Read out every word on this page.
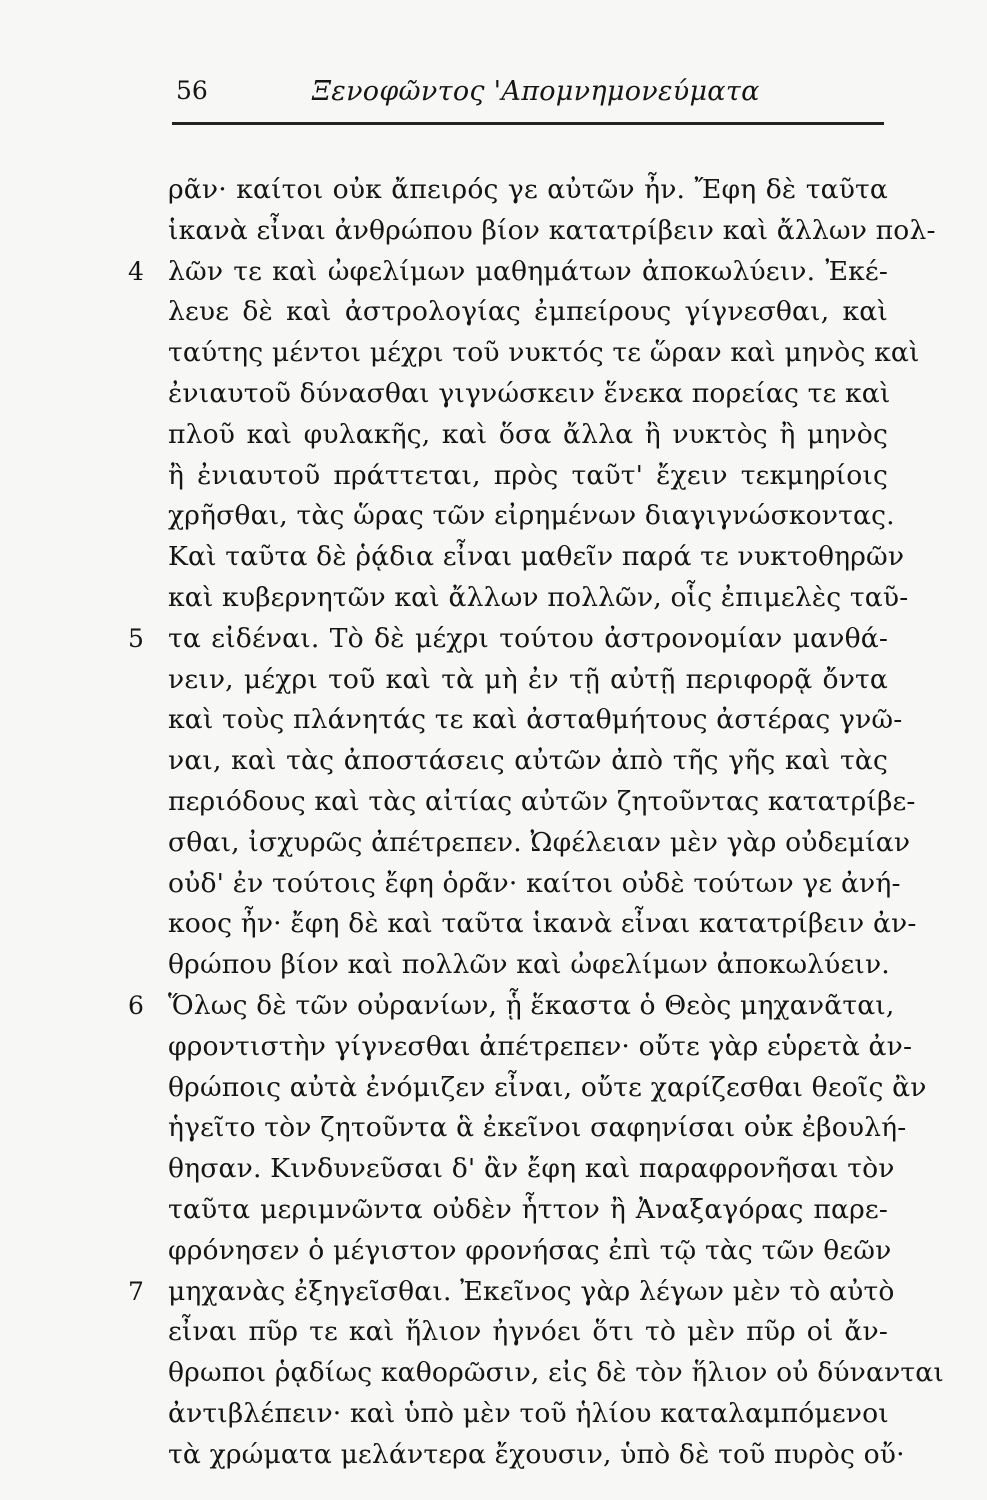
56	Ξενοφῶντος 'Απομνημονεύματα
ρᾶν· καίτοι οὐκ ἄπειρός γε αὐτῶν ἦν. Ἔφη δὲ ταῦτα
ἱκανὰ εἶναι ἀνθρώπου βίον κατατρίβειν καὶ ἄλλων πολ-
4 λῶν τε καὶ ὠφελίμων μαθημάτων ἀποκωλύειν. Ἐκέ-
λευε δὲ καὶ ἀστρολογίας ἐμπείρους γίγνεσθαι, καὶ
ταύτης μέντοι μέχρι τοῦ νυκτός τε ὥραν καὶ μηνὸς καὶ
ἐνιαυτοῦ δύνασθαι γιγνώσκειν ἕνεκα πορείας τε καὶ
πλοῦ καὶ φυλακῆς, καὶ ὅσα ἄλλα ἢ νυκτὸς ἢ μηνὸς
ἢ ἐνιαυτοῦ πράττεται, πρὸς ταῦτ' ἔχειν τεκμηρίοις
χρῆσθαι, τὰς ὥρας τῶν εἰρημένων διαγιγνώσκοντας.
Καὶ ταῦτα δὲ ῥᾴδια εἶναι μαθεῖν παρά τε νυκτοθηρῶν
καὶ κυβερνητῶν καὶ ἄλλων πολλῶν, οἷς ἐπιμελὲς ταῦ-
5 τα εἰδέναι. Τὸ δὲ μέχρι τούτου ἀστρονομίαν μανθά-
νειν, μέχρι τοῦ καὶ τὰ μὴ ἐν τῇ αὐτῇ περιφορᾷ ὄντα
καὶ τοὺς πλάνητάς τε καὶ ἀσταθμήτους ἀστέρας γνῶ-
ναι, καὶ τὰς ἀποστάσεις αὐτῶν ἀπὸ τῆς γῆς καὶ τὰς
περιόδους καὶ τὰς αἰτίας αὐτῶν ζητοῦντας κατατρίβε-
σθαι, ἰσχυρῶς ἀπέτρεπεν. Ὠφέλειαν μὲν γὰρ οὐδεμίαν
οὐδ' ἐν τούτοις ἔφη ὁρᾶν· καίτοι οὐδὲ τούτων γε ἀνή-
κοος ἦν· ἔφη δὲ καὶ ταῦτα ἱκανὰ εἶναι κατατρίβειν ἀν-
θρώπου βίον καὶ πολλῶν καὶ ὠφελίμων ἀποκωλύειν.
6 Ὅλως δὲ τῶν οὐρανίων, ᾗ ἕκαστα ὁ Θεὸς μηχανᾶται,
φροντιστὴν γίγνεσθαι ἀπέτρεπεν· οὔτε γὰρ εὑρετὰ ἀν-
θρώποις αὐτὰ ἐνόμιζεν εἶναι, οὔτε χαρίζεσθαι θεοῖς ἂν
ἡγεῖτο τὸν ζητοῦντα ἃ ἐκεῖνοι σαφηνίσαι οὐκ ἐβουλή-
θησαν. Κινδυνεῦσαι δ' ἂν ἔφη καὶ παραφρονῆσαι τὸν
ταῦτα μεριμνῶντα οὐδὲν ἧττον ἢ Ἀναξαγόρας παρε-
φρόνησεν ὁ μέγιστον φρονήσας ἐπὶ τῷ τὰς τῶν θεῶν
7 μηχανὰς ἐξηγεῖσθαι. Ἐκεῖνος γὰρ λέγων μὲν τὸ αὐτὸ
εἶναι πῦρ τε καὶ ἥλιον ἠγνόει ὅτι τὸ μὲν πῦρ οἱ ἄν-
θρωποι ῥᾳδίως καθορῶσιν, εἰς δὲ τὸν ἥλιον οὐ δύνανται
ἀντιβλέπειν· καὶ ὑπὸ μὲν τοῦ ἡλίου καταλαμπόμενοι
τὰ χρώματα μελάντερα ἔχουσιν, ὑπὸ δὲ τοῦ πυρὸς οὔ·
